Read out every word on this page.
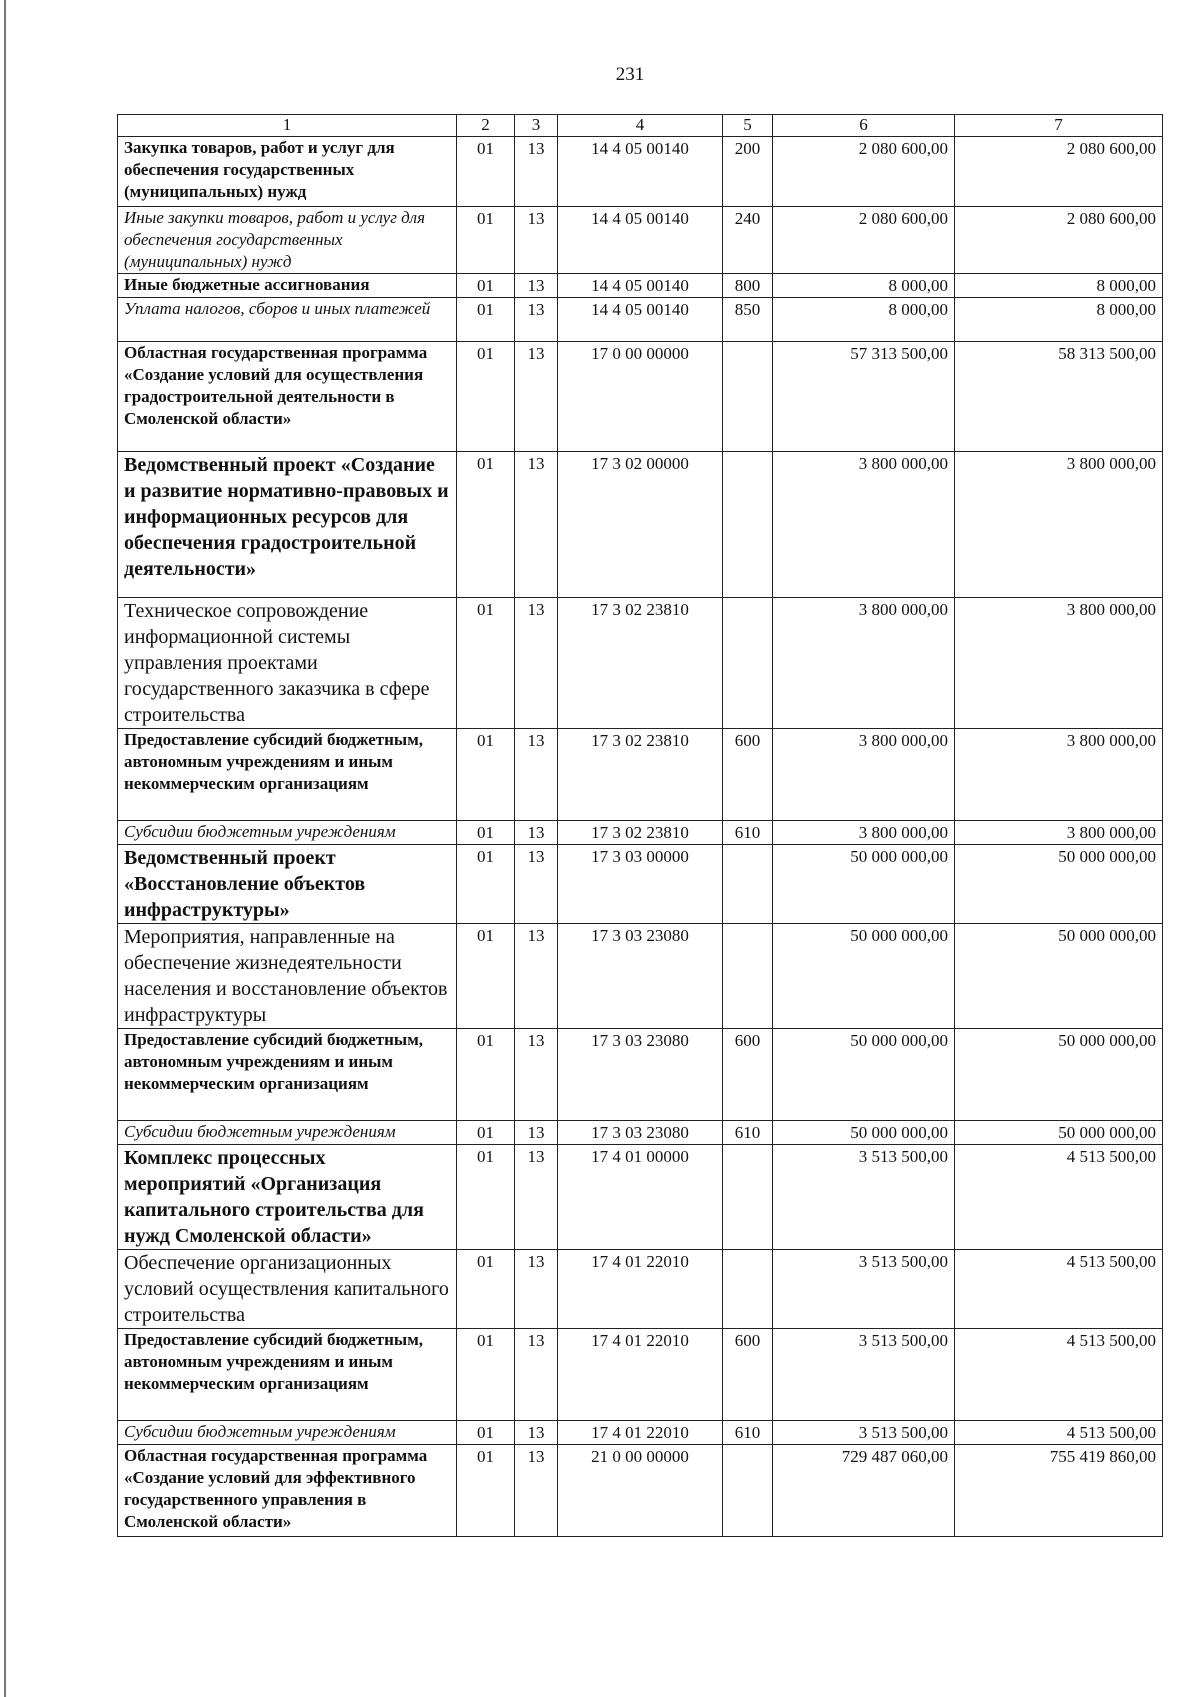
231
1	2	3	4	5	6	7
Закупка товаров, работ и услуг для обеспечения государственных (муниципальных) нужд	01	13	14 4 05 00140	200	2 080 600,00	2 080 600,00
Иные закупки товаров, работ и услуг для обеспечения государственных (муниципальных) нужд	01	13	14 4 05 00140	240	2 080 600,00	2 080 600,00
Иные бюджетные ассигнования	01	13	14 4 05 00140	800	8 000,00	8 000,00
Уплата налогов, сборов и иных платежей	01	13	14 4 05 00140	850	8 000,00	8 000,00
Областная государственная программа «Создание условий для осуществления градостроительной деятельности в Смоленской области»	01	13	17 0 00 00000		57 313 500,00	58 313 500,00
Ведомственный проект «Создание и развитие нормативно-правовых и информационных ресурсов для обеспечения градостроительной деятельности»	01	13	17 3 02 00000		3 800 000,00	3 800 000,00
Техническое сопровождение информационной системы управления проектами государственного заказчика в сфере строительства	01	13	17 3 02 23810		3 800 000,00	3 800 000,00
Предоставление субсидий бюджетным, автономным учреждениям и иным некоммерческим организациям	01	13	17 3 02 23810	600	3 800 000,00	3 800 000,00
Субсидии бюджетным учреждениям	01	13	17 3 02 23810	610	3 800 000,00	3 800 000,00
Ведомственный проект «Восстановление объектов инфраструктуры»	01	13	17 3 03 00000		50 000 000,00	50 000 000,00
Мероприятия, направленные на обеспечение жизнедеятельности населения и восстановление объектов инфраструктуры	01	13	17 3 03 23080		50 000 000,00	50 000 000,00
Предоставление субсидий бюджетным, автономным учреждениям и иным некоммерческим организациям	01	13	17 3 03 23080	600	50 000 000,00	50 000 000,00
Субсидии бюджетным учреждениям	01	13	17 3 03 23080	610	50 000 000,00	50 000 000,00
Комплекс процессных мероприятий «Организация капитального строительства для нужд Смоленской области»	01	13	17 4 01 00000		3 513 500,00	4 513 500,00
Обеспечение организационных условий осуществления капитального строительства	01	13	17 4 01 22010		3 513 500,00	4 513 500,00
Предоставление субсидий бюджетным, автономным учреждениям и иным некоммерческим организациям	01	13	17 4 01 22010	600	3 513 500,00	4 513 500,00
Субсидии бюджетным учреждениям	01	13	17 4 01 22010	610	3 513 500,00	4 513 500,00
Областная государственная программа «Создание условий для эффективного государственного управления в Смоленской области»	01	13	21 0 00 00000		729 487 060,00	755 419 860,00
